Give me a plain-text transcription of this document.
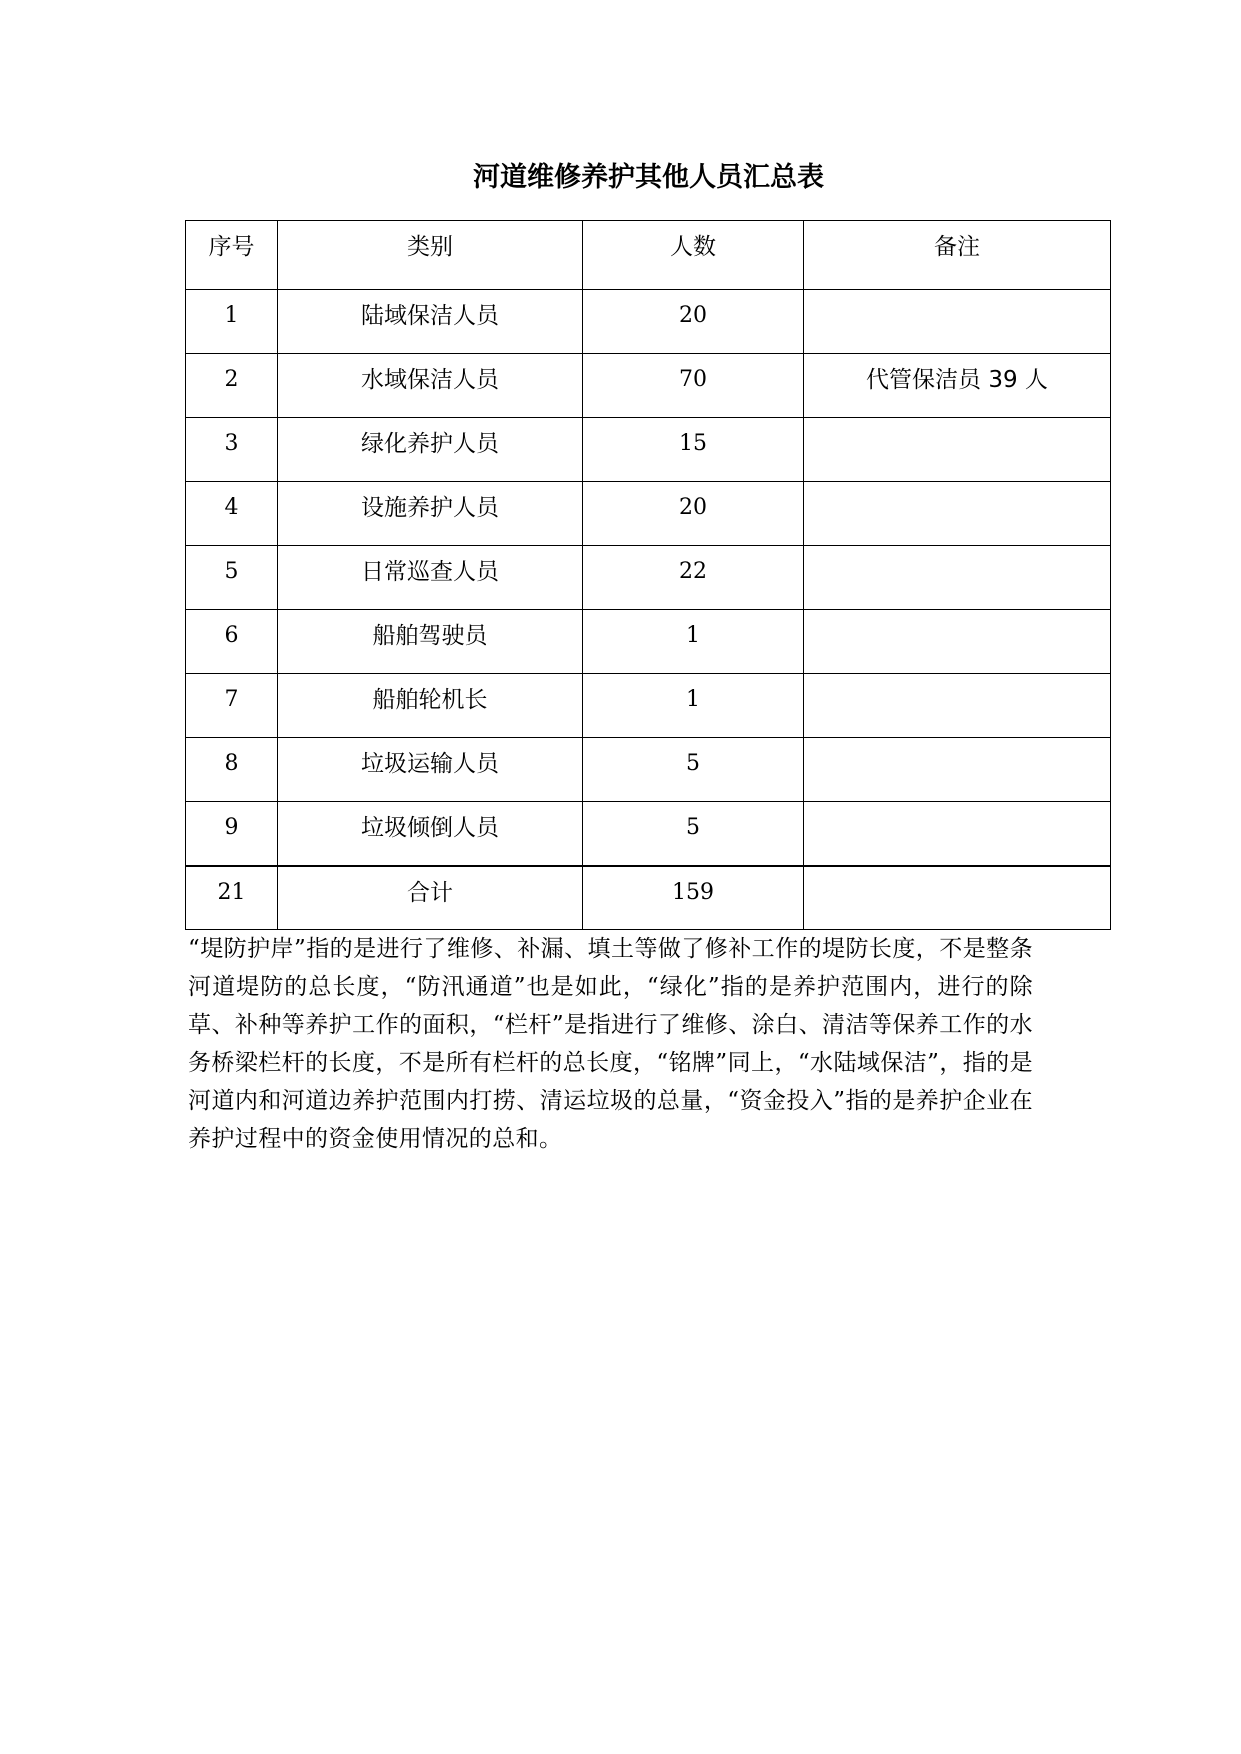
河道维修养护其他人员汇总表
序号	类别	人数	备注
1	陆域保洁人员	20	
2	水域保洁人员	70	代管保洁员 39 人
3	绿化养护人员	15	
4	设施养护人员	20	
5	日常巡查人员	22	
6	船舶驾驶员	1	
7	船舶轮机长	1	
8	垃圾运输人员	5	
9	垃圾倾倒人员	5	
21	合计	159	
“堤防护岸”指的是进行了维修、补漏、填土等做了修补工作的堤防长度，不是整条河道堤防的总长度，“防汛通道”也是如此，“绿化”指的是养护范围内，进行的除草、补种等养护工作的面积，“栏杆”是指进行了维修、涂白、清洁等保养工作的水务桥梁栏杆的长度，不是所有栏杆的总长度，“铭牌”同上，“水陆域保洁”，指的是河道内和河道边养护范围内打捞、清运垃圾的总量，“资金投入”指的是养护企业在养护过程中的资金使用情况的总和。
